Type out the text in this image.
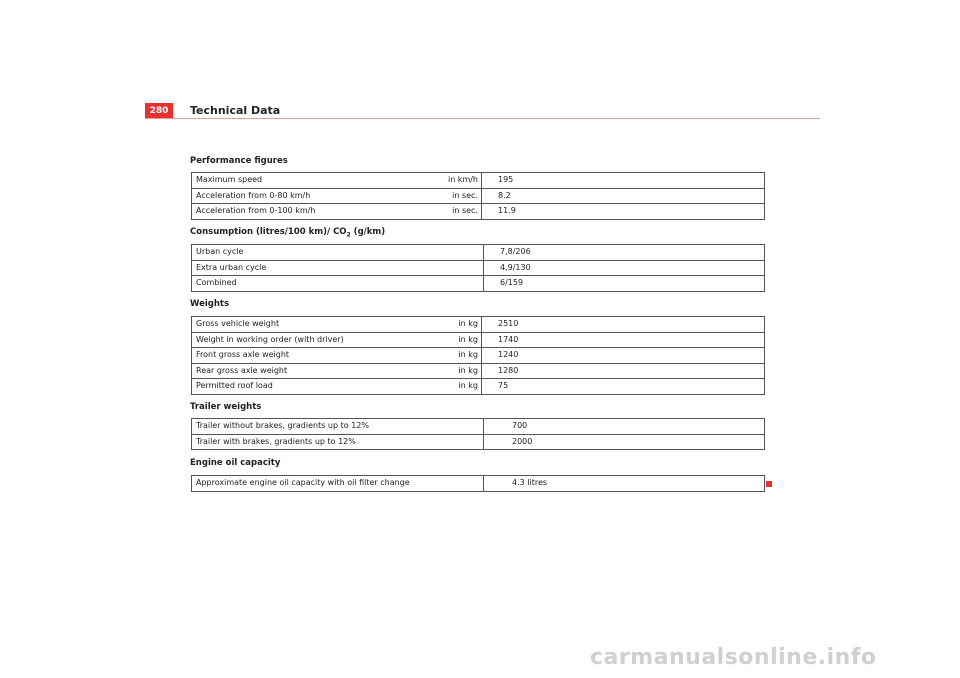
280	Technical Data
Performance figures
Maximum speed	in km/h	195
Acceleration from 0-80 km/h	in sec.	8.2
Acceleration from 0-100 km/h	in sec.	11.9
Consumption (litres/100 km)/ $CO_2$ (g/km)
Urban cycle	7,8/206
Extra urban cycle	4,9/130
Combined	6/159
Weights
Gross vehicle weight	in kg	2510
Weight in working order (with driver)	in kg	1740
Front gross axle weight	in kg	1240
Rear gross axle weight	in kg	1280
Permitted roof load	in kg	75
Trailer weights
Trailer without brakes, gradients up to 12%	700
Trailer with brakes, gradients up to 12%	2000
Engine oil capacity
Approximate engine oil capacity with oil filter change	4.3 litres
carmanualsonline.info
